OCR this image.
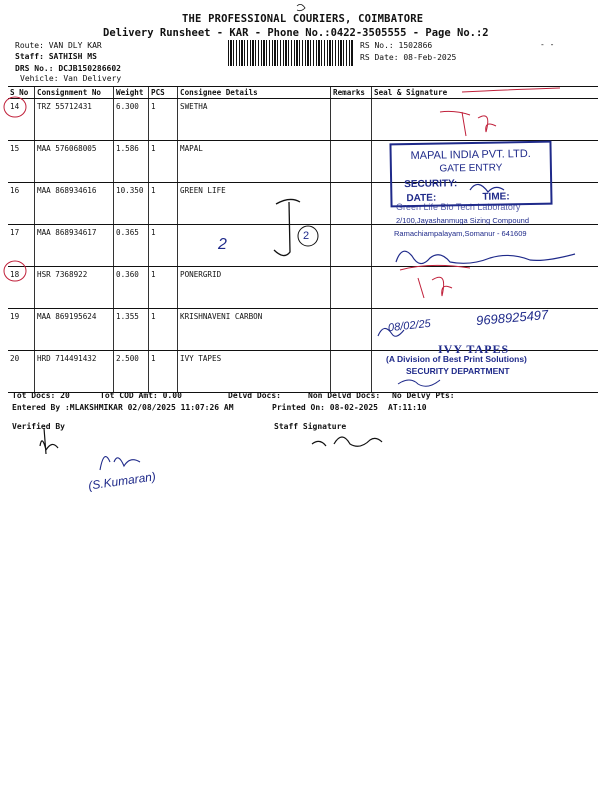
THE PROFESSIONAL COURIERS, COIMBATORE
Delivery Runsheet - KAR - Phone No.:0422-3505555 - Page No.:2
Route: VAN DLY KAR
Staff: SATHISH MS
DRS No.: DCJB150286602
Vehicle: Van Delivery
RS No.: 1502866
RS Date: 08-Feb-2025
- -
S No	Consignment No	Weight	PCS	Consignee Details	Remarks	Seal & Signature
14	TRZ 55712431	6.300	1	SWETHA		
15	MAA 576068005	1.586	1	MAPAL		
16	MAA 868934616	10.350	1	GREEN LIFE		
17	MAA 868934617	0.365	1			
18	HSR 7368922	0.360	1	PONERGRID		
19	MAA 869195624	1.355	1	KRISHNAVENI CARBON		
20	HRD 714491432	2.500	1	IVY TAPES		
Tot Docs: 20	Tot COD Amt: 0.00	Delvd Docs:	Non Delvd Docs: No Delvy Pts:
Entered By :MLAKSHMIKAR 02/08/2025 11:07:26 AM	Printed On: 08-02-2025 AT:11:10
Verified By	Staff Signature
MAPAL INDIA PVT. LTD.
GATE ENTRY
SECURITY:
DATE:	TIME:
Green Life Bio Tech Laboratory
2/100,Jayashanmuga Sizing Compound
Ramachiampalayam,Somanur - 641609
IVY TAPES
(A Division of Best Print Solutions)
SECURITY DEPARTMENT
2	2
08/02/25	9698925497
(S.Kumaran)
